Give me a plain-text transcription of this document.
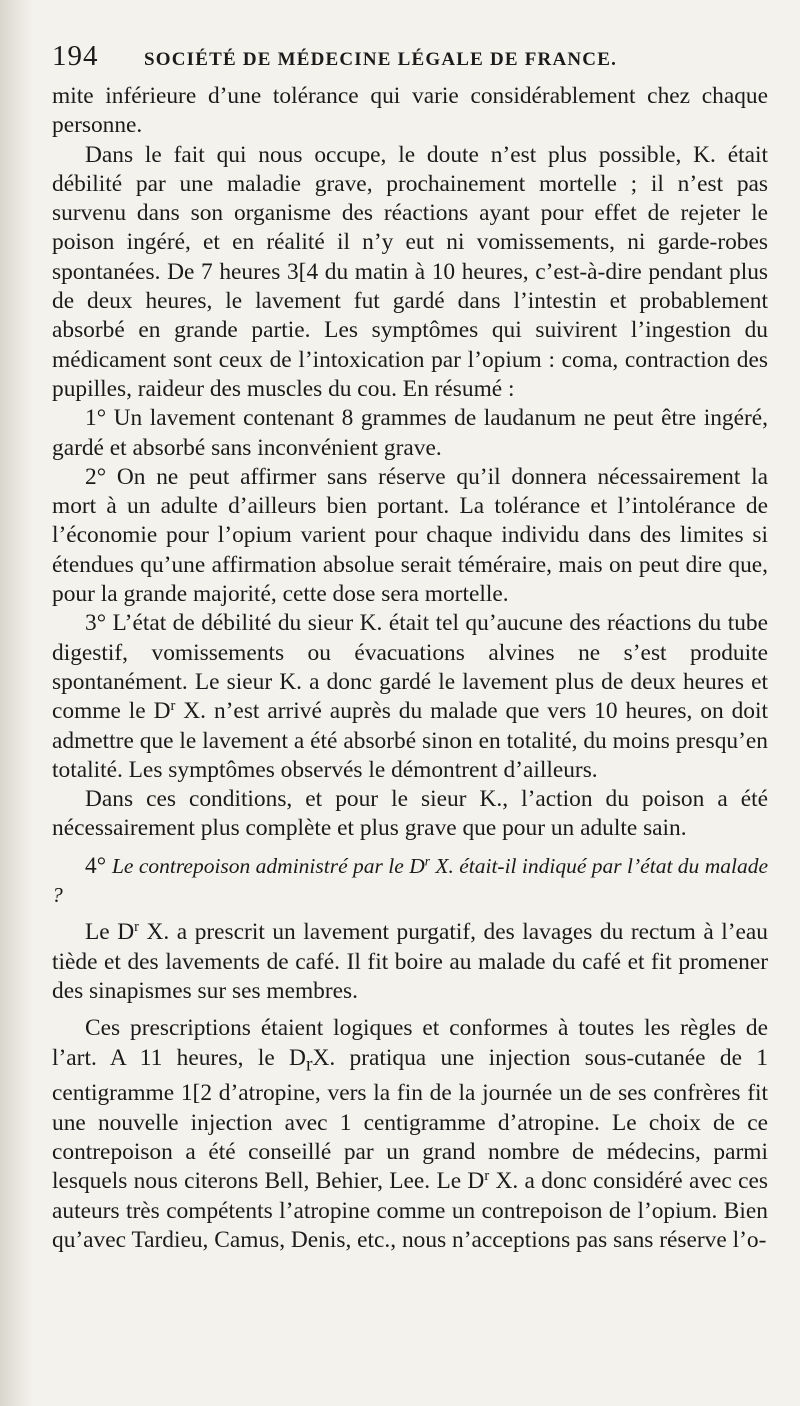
194	SOCIÉTÉ DE MÉDECINE LÉGALE DE FRANCE.

mite inférieure d’une tolérance qui varie considérablement chez chaque personne.

Dans le fait qui nous occupe, le doute n’est plus possible, K. était débilité par une maladie grave, prochainement mortelle ; il n’est pas survenu dans son organisme des réactions ayant pour effet de rejeter le poison ingéré, et en réalité il n’y eut ni vomissements, ni garde-robes spontanées. De 7 heures 3[4 du matin à 10 heures, c’est-à-dire pendant plus de deux heures, le lavement fut gardé dans l’intestin et probablement absorbé en grande partie. Les symptômes qui suivirent l’ingestion du médicament sont ceux de l’intoxication par l’opium : coma, contraction des pupilles, raideur des muscles du cou. En résumé :

1° Un lavement contenant 8 grammes de laudanum ne peut être ingéré, gardé et absorbé sans inconvénient grave.

2° On ne peut affirmer sans réserve qu’il donnera nécessairement la mort à un adulte d’ailleurs bien portant. La tolérance et l’intolérance de l’économie pour l’opium varient pour chaque individu dans des limites si étendues qu’une affirmation absolue serait téméraire, mais on peut dire que, pour la grande majorité, cette dose sera mortelle.

3° L’état de débilité du sieur K. était tel qu’aucune des réactions du tube digestif, vomissements ou évacuations alvines ne s’est produite spontanément. Le sieur K. a donc gardé le lavement plus de deux heures et comme le $D^r$ X. n’est arrivé auprès du malade que vers 10 heures, on doit admettre que le lavement a été absorbé sinon en totalité, du moins presqu’en totalité. Les symptômes observés le démontrent d’ailleurs.

Dans ces conditions, et pour le sieur K., l’action du poison a été nécessairement plus complète et plus grave que pour un adulte sain.

4° Le contrepoison administré par le $D^r$ X. était-il indiqué par l’état du malade ?

Le $D^r$ X. a prescrit un lavement purgatif, des lavages du rectum à l’eau tiède et des lavements de café. Il fit boire au malade du café et fit promener des sinapismes sur ses membres.

Ces prescriptions étaient logiques et conformes à toutes les règles de l’art. A 11 heures, le $D_rX$. pratiqua une injection sous-cutanée de 1 centigramme 1[2 d’atropine, vers la fin de la journée un de ses confrères fit une nouvelle injection avec 1 centigramme d’atropine. Le choix de ce contrepoison a été conseillé par un grand nombre de médecins, parmi lesquels nous citerons Bell, Behier, Lee. Le $D^r$ X. a donc considéré avec ces auteurs très compétents l’atropine comme un contrepoison de l’opium. Bien qu’avec Tardieu, Camus, Denis, etc., nous n’acceptions pas sans réserve l’o-
